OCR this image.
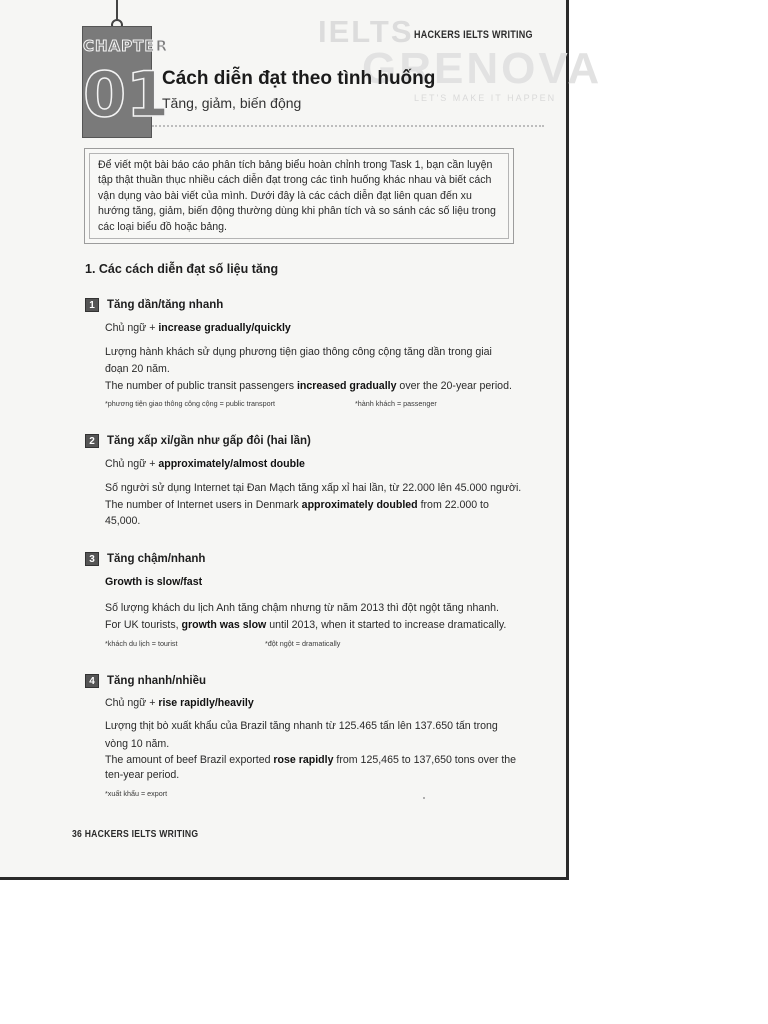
CHAPTER
01
IELTS
GRENOVA
LET'S MAKE IT HAPPEN
HACKERS IELTS WRITING
Cách diễn đạt theo tình huống
Tăng, giảm, biến động
Để viết một bài báo cáo phân tích bảng biểu hoàn chỉnh trong Task 1, bạn cần luyện
tập thật thuần thục nhiều cách diễn đạt trong các tình huống khác nhau và biết cách
vận dụng vào bài viết của mình. Dưới đây là các cách diễn đạt liên quan đến xu
hướng tăng, giảm, biến động thường dùng khi phân tích và so sánh các số liệu trong
các loại biểu đồ hoặc bảng.
1. Các cách diễn đạt số liệu tăng
1	Tăng dần/tăng nhanh
Chủ ngữ + increase gradually/quickly
Lượng hành khách sử dụng phương tiện giao thông công cộng tăng dần trong giai
đoạn 20 năm.
The number of public transit passengers increased gradually over the 20-year period.
*phương tiện giao thông công cộng = public transport	*hành khách = passenger
2	Tăng xấp xỉ/gần như gấp đôi (hai lần)
Chủ ngữ + approximately/almost double
Số người sử dụng Internet tại Đan Mạch tăng xấp xỉ hai lần, từ 22.000 lên 45.000 người.
The number of Internet users in Denmark approximately doubled from 22.000 to
45,000.
3	Tăng chậm/nhanh
Growth is slow/fast
Số lượng khách du lịch Anh tăng chậm nhưng từ năm 2013 thì đột ngột tăng nhanh.
For UK tourists, growth was slow until 2013, when it started to increase dramatically.
*khách du lịch = tourist	*đột ngột = dramatically
4	Tăng nhanh/nhiều
Chủ ngữ + rise rapidly/heavily
Lượng thịt bò xuất khẩu của Brazil tăng nhanh từ 125.465 tấn lên 137.650 tấn trong
vòng 10 năm.
The amount of beef Brazil exported rose rapidly from 125,465 to 137,650 tons over the
ten-year period.
*xuất khẩu = export
36 HACKERS IELTS WRITING
